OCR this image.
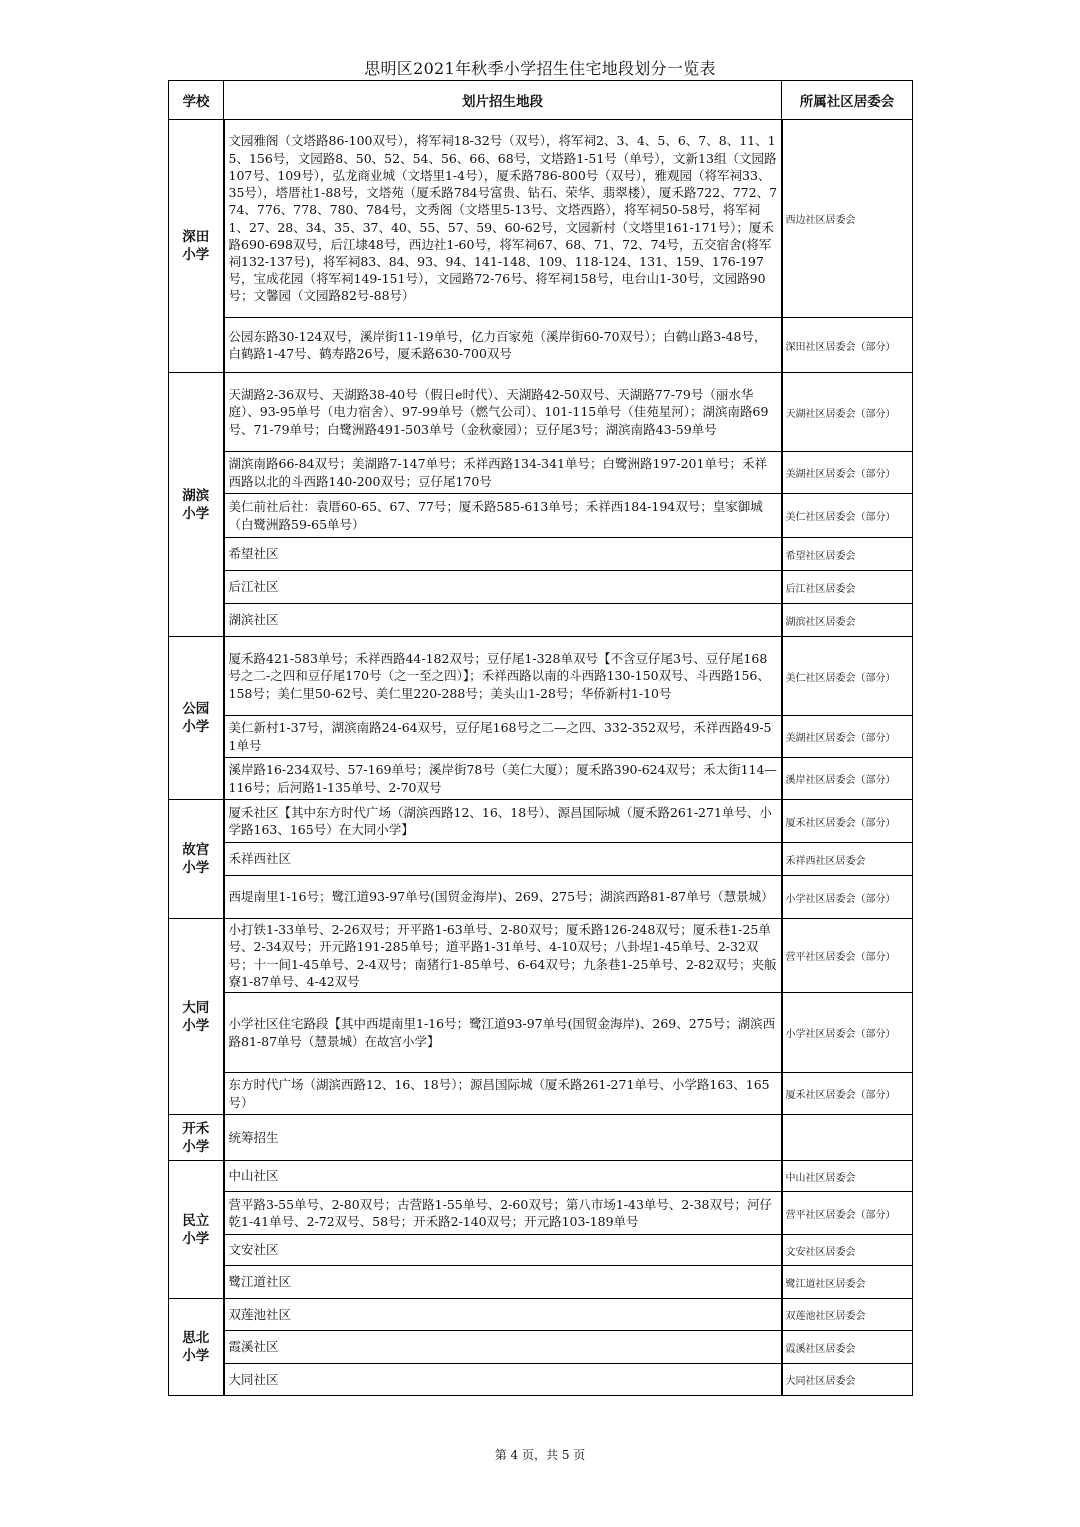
思明区2021年秋季小学招生住宅地段划分一览表
学校	划片招生地段	所属社区居委会
深田小学	文园雅阁（文塔路86-100双号），将军祠18-32号（双号），将军祠2、3、4、5、6、7、8、11、15、156号，文园路8、50、52、54、56、66、68号，文塔路1-51号（单号），文新13组（文园路107号、109号），弘龙商业城（文塔里1-4号），厦禾路786-800号（双号），雅观园（将军祠33、35号），塔厝社1-88号，文塔苑（厦禾路784号富贵、钻石、荣华、翡翠楼），厦禾路722、772、774、776、778、780、784号，文秀阁（文塔里5-13号、文塔西路），将军祠50-58号，将军祠1、27、28、34、35、37、40、55、57、59、60-62号，文园新村（文塔里161-171号）；厦禾路690-698双号，后江埭48号，西边社1-60号，将军祠67、68、71、72、74号，五交宿舍(将军祠132-137号)，将军祠83、84、93、94、141-148、109、118-124、131、159、176-197号，宝成花园（将军祠149-151号），文园路72-76号、将军祠158号，电台山1-30号，文园路90号；文馨园（文园路82号-88号）	西边社区居委会
	公园东路30-124双号，溪岸街11-19单号，亿力百家苑（溪岸街60-70双号）；白鹤山路3-48号，白鹤路1-47号、鹤寿路26号，厦禾路630-700双号	深田社区居委会（部分）
湖滨小学	天湖路2-36双号、天湖路38-40号（假日e时代）、天湖路42-50双号、天湖路77-79号（丽水华庭）、93-95单号（电力宿舍）、97-99单号（燃气公司）、101-115单号（佳苑星河）；湖滨南路69号、71-79单号；白鹭洲路491-503单号（金秋豪园）；豆仔尾3号；湖滨南路43-59单号	天湖社区居委会（部分）
	湖滨南路66-84双号；美湖路7-147单号；禾祥西路134-341单号；白鹭洲路197-201单号；禾祥西路以北的斗西路140-200双号；豆仔尾170号	美湖社区居委会（部分）
	美仁前社后社：袁厝60-65、67、77号；厦禾路585-613单号；禾祥西184-194双号；皇家御城（白鹭洲路59-65单号）	美仁社区居委会（部分）
	希望社区	希望社区居委会
	后江社区	后江社区居委会
	湖滨社区	湖滨社区居委会
公园小学	厦禾路421-583单号；禾祥西路44-182双号；豆仔尾1-328单双号【不含豆仔尾3号、豆仔尾168号之二-之四和豆仔尾170号（之一至之四）】；禾祥西路以南的斗西路130-150双号、斗西路156、158号；美仁里50-62号、美仁里220-288号；美头山1-28号；华侨新村1-10号	美仁社区居委会（部分）
	美仁新村1-37号，湖滨南路24-64双号，豆仔尾168号之二—之四、332-352双号，禾祥西路49-51单号	美湖社区居委会（部分）
	溪岸路16-234双号、57-169单号；溪岸街78号（美仁大厦）；厦禾路390-624双号；禾太街114—116号；后河路1-135单号、2-70双号	溪岸社区居委会（部分）
故宫小学	厦禾社区【其中东方时代广场（湖滨西路12、16、18号）、源昌国际城（厦禾路261-271单号、小学路163、165号）在大同小学】	厦禾社区居委会（部分）
	禾祥西社区	禾祥西社区居委会
	西堤南里1-16号；鹭江道93-97单号(国贸金海岸)、269、275号；湖滨西路81-87单号（慧景城）	小学社区居委会（部分）
大同小学	小打铁1-33单号、2-26双号；开平路1-63单号、2-80双号；厦禾路126-248双号；厦禾巷1-25单号、2-34双号；开元路191-285单号；道平路1-31单号、4-10双号；八卦埕1-45单号、2-32双号；十一间1-45单号、2-4双号；南猪行1-85单号、6-64双号；九条巷1-25单号、2-82双号；夹舨寮1-87单号、4-42双号	营平社区居委会（部分）
	小学社区住宅路段【其中西堤南里1-16号；鹭江道93-97单号(国贸金海岸)、269、275号；湖滨西路81-87单号（慧景城）在故宫小学】	小学社区居委会（部分）
	东方时代广场（湖滨西路12、16、18号）；源昌国际城（厦禾路261-271单号、小学路163、165号）	厦禾社区居委会（部分）
开禾小学	统筹招生	
民立小学	中山社区	中山社区居委会
	营平路3-55单号、2-80双号；古营路1-55单号、2-60双号；第八市场1-43单号、2-38双号；河仔乾1-41单号、2-72双号、58号；开禾路2-140双号；开元路103-189单号	营平社区居委会（部分）
	文安社区	文安社区居委会
	鹭江道社区	鹭江道社区居委会
思北小学	双莲池社区	双莲池社区居委会
	霞溪社区	霞溪社区居委会
	大同社区	大同社区居委会
第 4 页，共 5 页
